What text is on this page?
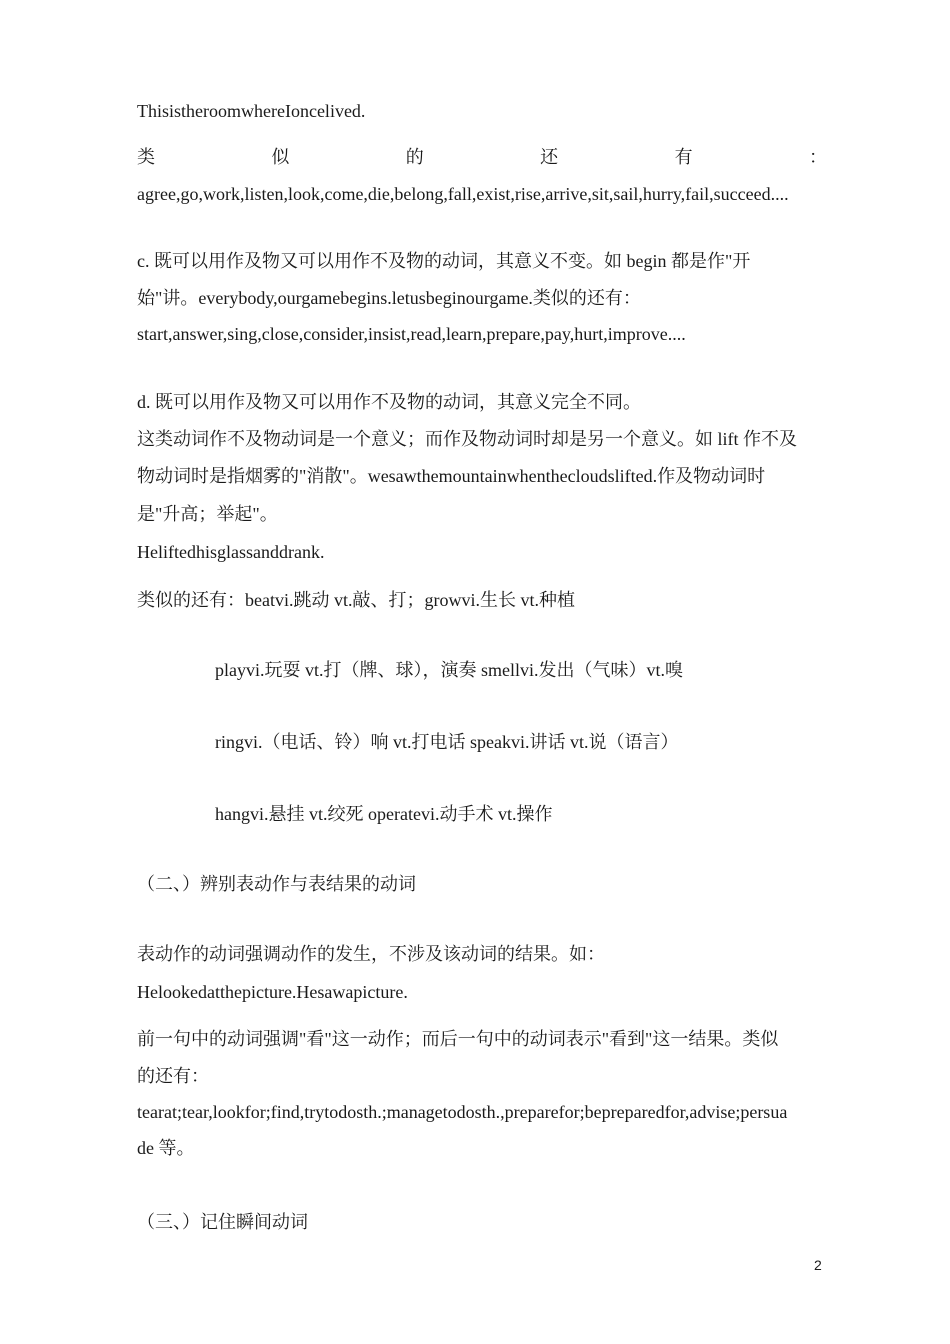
ThisistheroomwhereIoncelived.
类	似	的	还	有	：
agree,go,work,listen,look,come,die,belong,fall,exist,rise,arrive,sit,sail,hurry,fail,succeed....
c. 既可以用作及物又可以用作不及物的动词，其意义不变。如 begin 都是作"开
始"讲。everybody,ourgamebegins.letusbeginourgame.类似的还有：
start,answer,sing,close,consider,insist,read,learn,prepare,pay,hurt,improve....
d. 既可以用作及物又可以用作不及物的动词，其意义完全不同。
这类动词作不及物动词是一个意义；而作及物动词时却是另一个意义。如 lift 作不及
物动词时是指烟雾的"消散"。wesawthemountainwhenthecloudslifted.作及物动词时
是"升高；举起"。
Heliftedhisglassanddrank.
类似的还有：beatvi.跳动 vt.敲、打；growvi.生长 vt.种植
playvi.玩耍 vt.打（牌、球），演奏 smellvi.发出（气味）vt.嗅
ringvi.（电话、铃）响 vt.打电话 speakvi.讲话 vt.说（语言）
hangvi.悬挂 vt.绞死 operatevi.动手术 vt.操作
（二、）辨别表动作与表结果的动词
表动作的动词强调动作的发生，不涉及该动词的结果。如：
Helookedatthepicture.Hesawapicture.
前一句中的动词强调"看"这一动作；而后一句中的动词表示"看到"这一结果。类似
的还有：
tearat;tear,lookfor;find,trytodosth.;managetodosth.,preparefor;bepreparedfor,advise;persua
de 等。
（三、）记住瞬间动词
2
